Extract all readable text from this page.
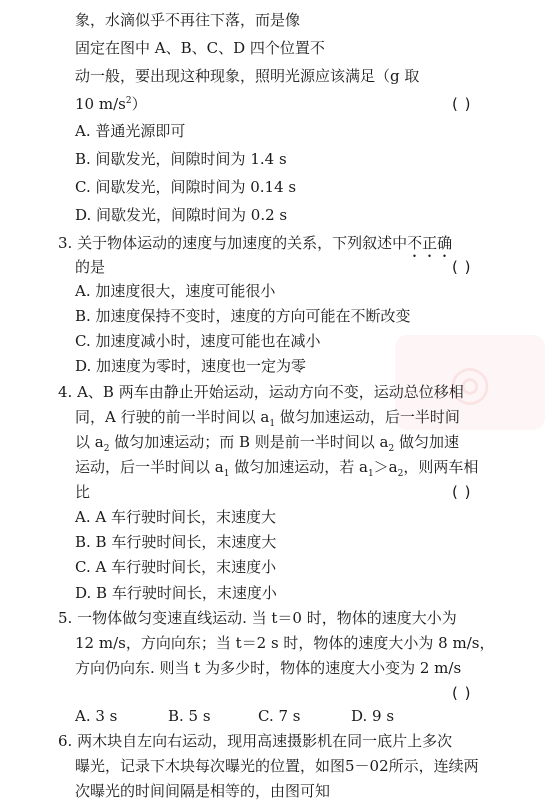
◎
象，水滴似乎不再往下落，而是像
固定在图中 A、B、C、D 四个位置不
动一般，要出现这种现象，照明光源应该满足（g 取
10 $m/s^2$）	( )
A. 普通光源即可
B. 间歇发光，间隙时间为 1.4 s
C. 间歇发光，间隙时间为 0.14 s
D. 间歇发光，间隙时间为 0.2 s
3. 关于物体运动的速度与加速度的关系，下列叙述中不正确
的是	( )
A. 加速度很大，速度可能很小
B. 加速度保持不变时，速度的方向可能在不断改变
C. 加速度减小时，速度可能也在减小
D. 加速度为零时，速度也一定为零
4. A、B 两车由静止开始运动，运动方向不变，运动总位移相
同，A 行驶的前一半时间以 $a_1$ 做匀加速运动，后一半时间
以 $a_2$ 做匀加速运动；而 B 则是前一半时间以 $a_2$ 做匀加速
运动，后一半时间以 $a_1$ 做匀加速运动，若 $a_1>a_2$，则两车相
比	( )
A. A 车行驶时间长，末速度大
B. B 车行驶时间长，末速度大
C. A 车行驶时间长，末速度小
D. B 车行驶时间长，末速度小
5. 一物体做匀变速直线运动. 当 t＝0 时，物体的速度大小为
12 m/s，方向向东；当 t＝2 s 时，物体的速度大小为 8 m/s，
方向仍向东. 则当 t 为多少时，物体的速度大小变为 2 m/s
( )
A. 3 s	B. 5 s	C. 7 s	D. 9 s
6. 两木块自左向右运动，现用高速摄影机在同一底片上多次
曝光，记录下木块每次曝光的位置，如图5－02所示，连续两
次曝光的时间间隔是相等的，由图可知
